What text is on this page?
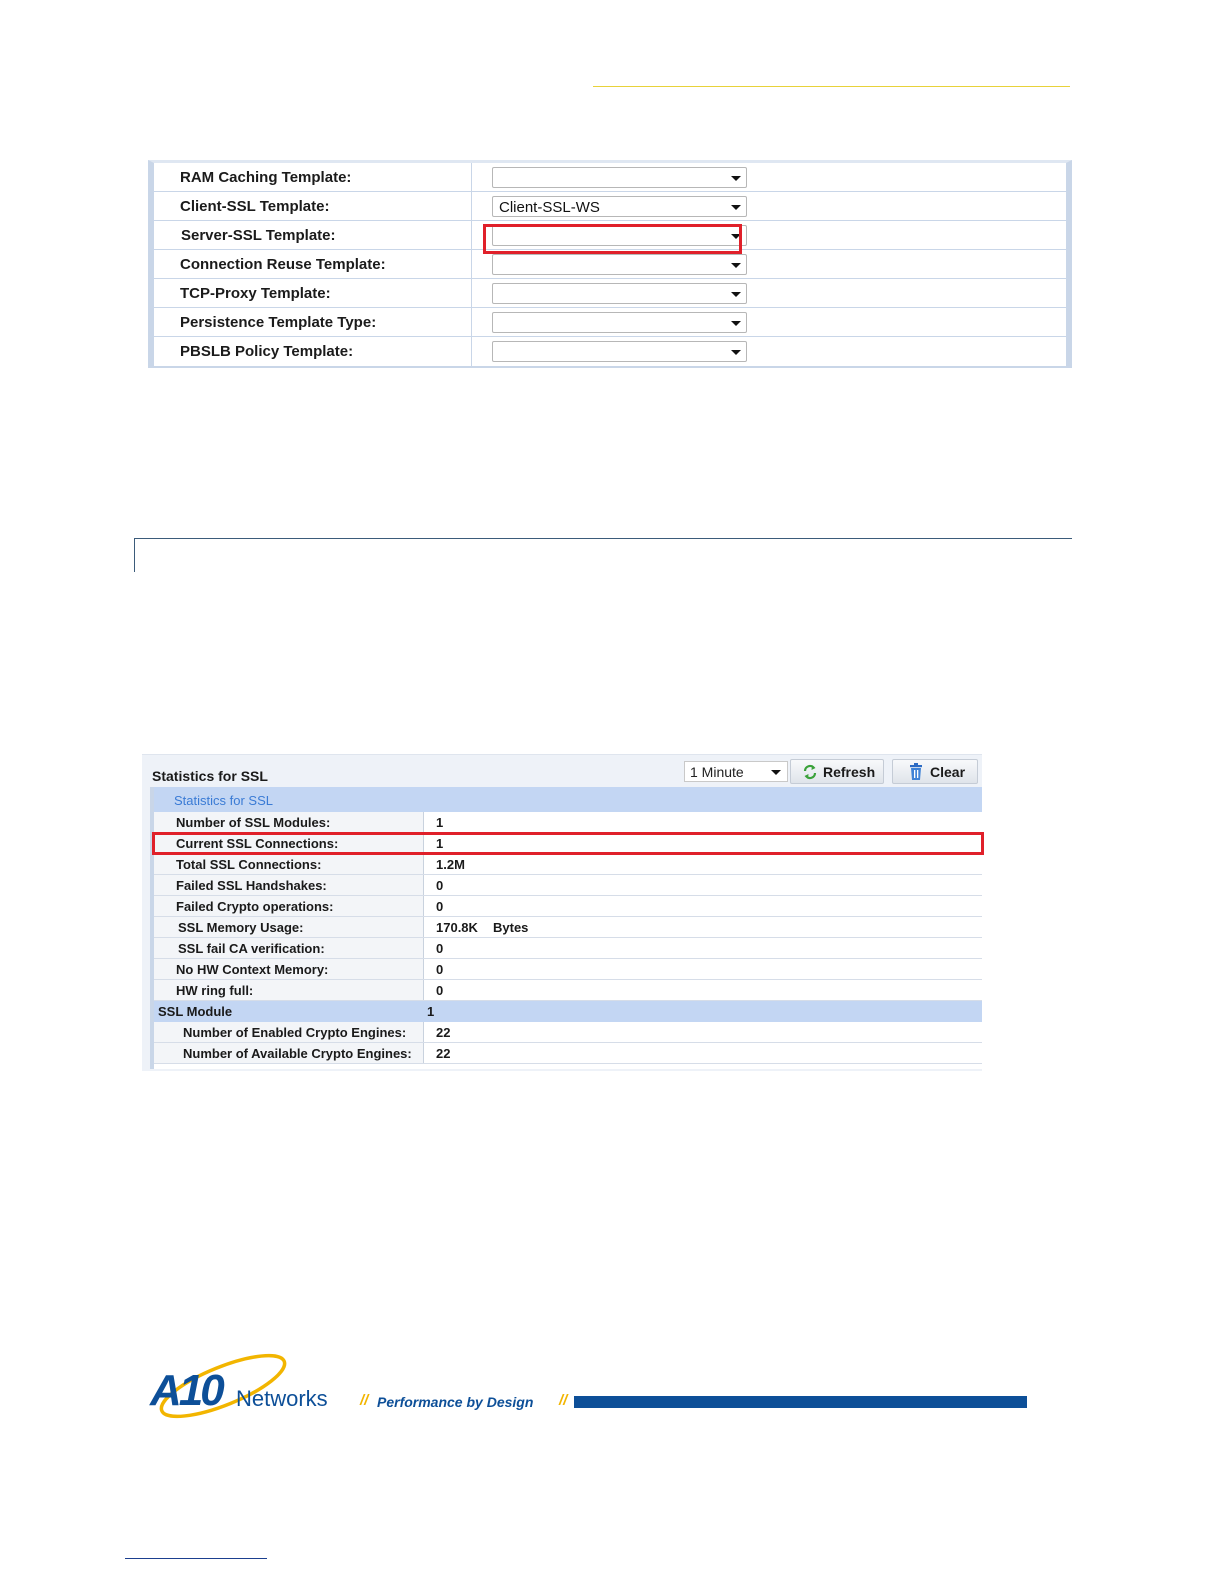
RAM Caching Template:
Client-SSL Template:	Client-SSL-WS
Server-SSL Template:
Connection Reuse Template:
TCP-Proxy Template:
Persistence Template Type:
PBSLB Policy Template:
Statistics for SSL	1 Minute	Refresh	Clear
Statistics for SSL
Number of SSL Modules:	1
Current SSL Connections:	1
Total SSL Connections:	1.2M
Failed SSL Handshakes:	0
Failed Crypto operations:	0
SSL Memory Usage:	170.8K Bytes
SSL fail CA verification:	0
No HW Context Memory:	0
HW ring full:	0
SSL Module	1
Number of Enabled Crypto Engines: 22
Number of Available Crypto Engines: 22
A10 Networks // Performance by Design //
